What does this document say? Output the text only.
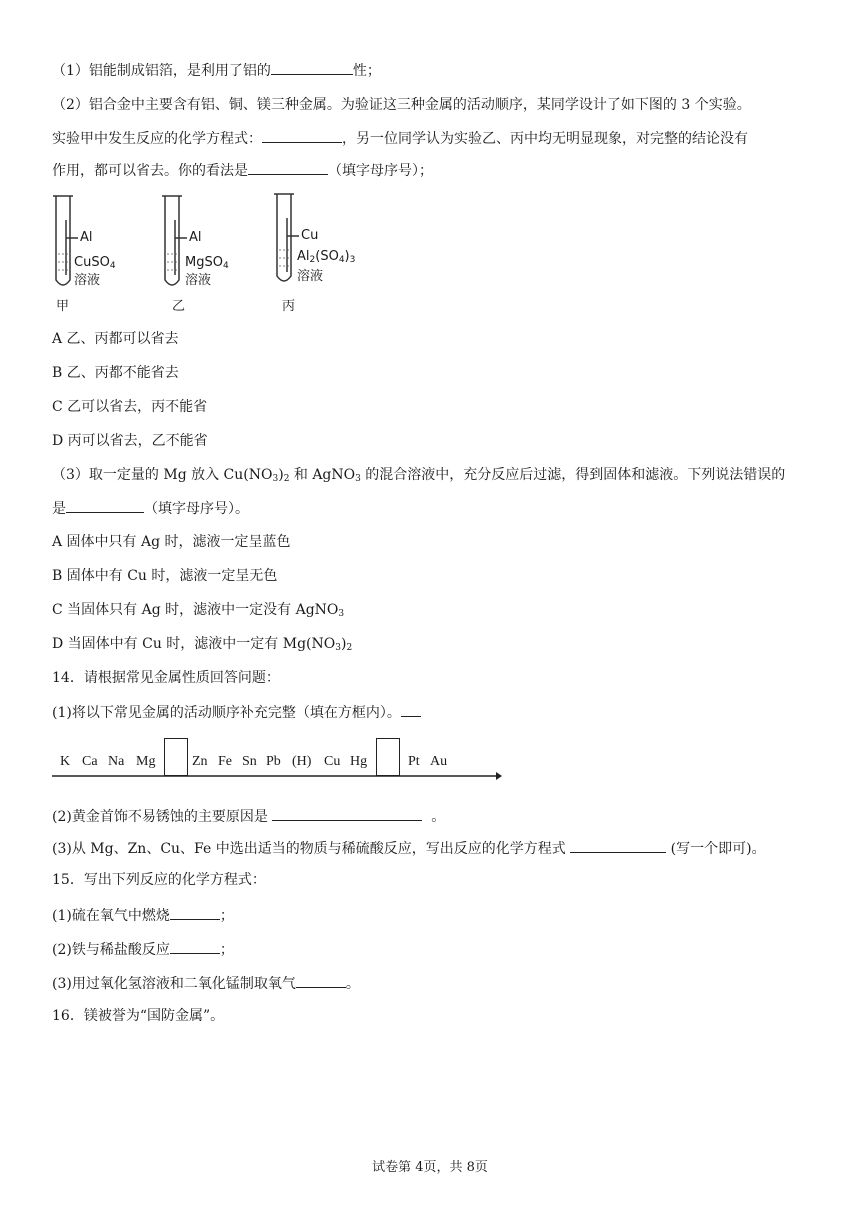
（1）铝能制成铝箔，是利用了铝的	性；
（2）铝合金中主要含有铝、铜、镁三种金属。为验证这三种金属的活动顺序，某同学设计了如下图的 3 个实验。
实验甲中发生反应的化学方程式：	，另一位同学认为实验乙、丙中均无明显现象，对完整的结论没有
作用，都可以省去。你的看法是	（填字母序号）；
Al
CuSO$_4$
溶液
甲
Al
MgSO$_4$
溶液
乙
Cu
$Al_2(SO_4)_3$
溶液
丙
A 乙、丙都可以省去
B 乙、丙都不能省去
C 乙可以省去，丙不能省
D 丙可以省去，乙不能省
（3）取一定量的 Mg 放入 $Cu(NO_3)_2$ 和 AgNO$_3$ 的混合溶液中，充分反应后过滤，得到固体和滤液。下列说法错误的
是	（填字母序号）。
A 固体中只有 Ag 时，滤液一定呈蓝色
B 固体中有 Cu 时，滤液一定呈无色
C 当固体只有 Ag 时，滤液中一定没有 AgNO$_3$
D 当固体中有 Cu 时，滤液中一定有 $Mg(NO_3)_2$
14．请根据常见金属性质回答问题：
(1)将以下常见金属的活动顺序补充完整（填在方框内）。
K Ca Na Mg	Zn Fe Sn Pb (H) Cu Hg	Pt Au
(2)黄金首饰不易锈蚀的主要原因是	。
(3)从 Mg、Zn、Cu、Fe 中选出适当的物质与稀硫酸反应，写出反应的化学方程式	(写一个即可)。
15．写出下列反应的化学方程式：
(1)硫在氧气中燃烧	；
(2)铁与稀盐酸反应	；
(3)用过氧化氢溶液和二氧化锰制取氧气	。
16．镁被誉为“国防金属”。
试卷第 4页，共 8页
